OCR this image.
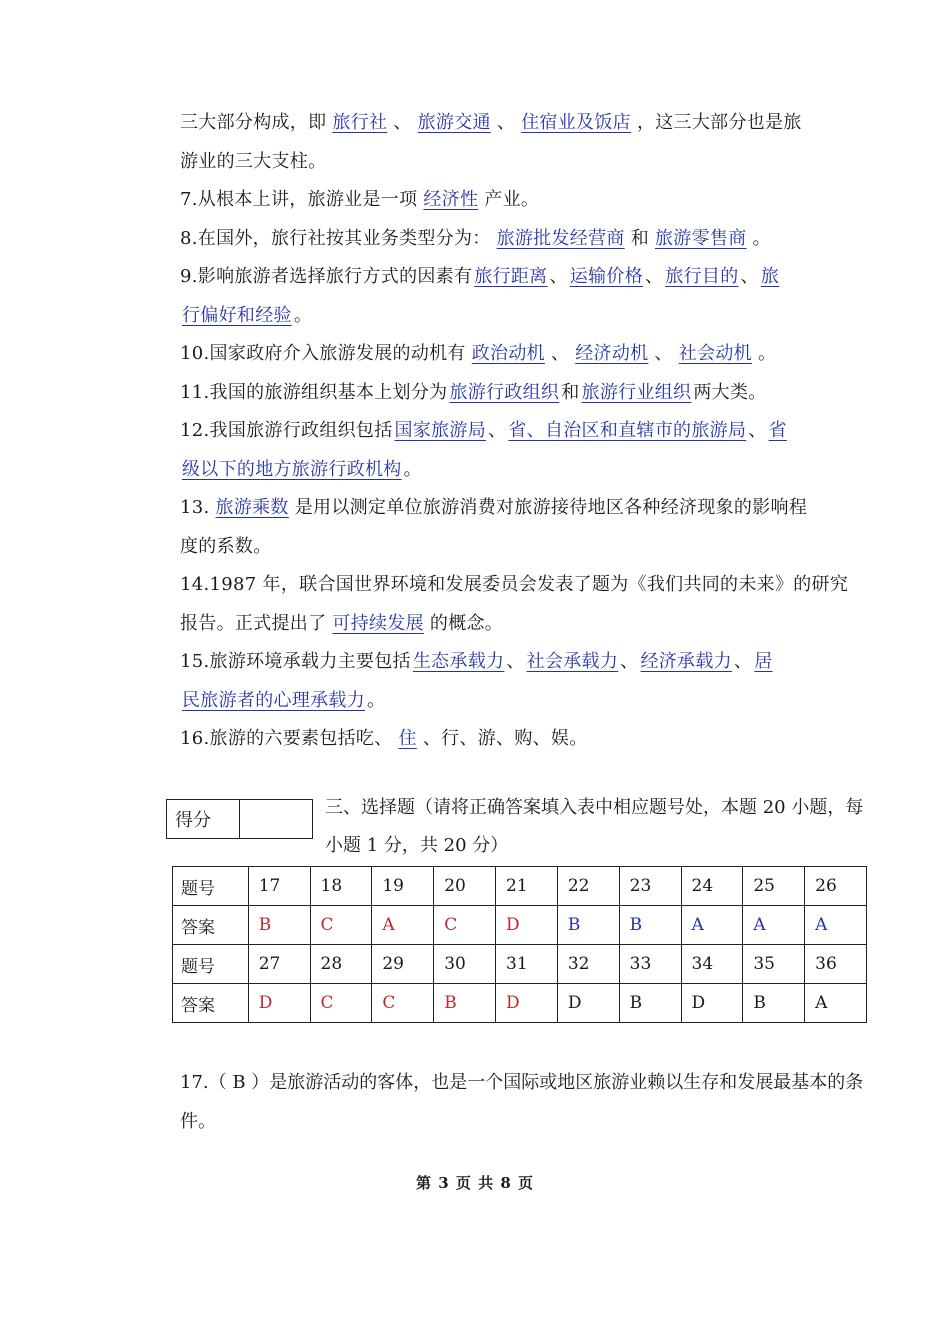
三大部分构成，即 旅行社 、 旅游交通 、 住宿业及饭店 ，这三大部分也是旅
游业的三大支柱。
7.从根本上讲，旅游业是一项 经济性 产业。
8.在国外，旅行社按其业务类型分为： 旅游批发经营商 和 旅游零售商 。
9.影响旅游者选择旅行方式的因素有 旅行距离 、 运输价格 、 旅行目的 、 旅
行偏好和经验 。
10.国家政府介入旅游发展的动机有 政治动机 、 经济动机 、 社会动机 。
11.我国的旅游组织基本上划分为 旅游行政组织 和 旅游行业组织 两大类。
12.我国旅游行政组织包括 国家旅游局 、 省、自治区和直辖市的旅游局 、 省
级以下的地方旅游行政机构 。
13. 旅游乘数 是用以测定单位旅游消费对旅游接待地区各种经济现象的影响程
度的系数。
14.1987 年，联合国世界环境和发展委员会发表了题为《我们共同的未来》的研究
报告。正式提出了 可持续发展 的概念。
15.旅游环境承载力主要包括 生态承载力 、 社会承载力 、 经济承载力 、 居
民旅游者的心理承载力 。
16.旅游的六要素包括吃、 住 、行、游、购、娱。
得分	
三、选择题（请将正确答案填入表中相应题号处，本题 20 小题，每小题 1 分，共 20 分）
题号	17	18	19	20	21	22	23	24	25	26
答案	B	C	A	C	D	B	B	A	A	A
题号	27	28	29	30	31	32	33	34	35	36
答案	D	C	C	B	D	D	B	D	B	A
17.（ B ）是旅游活动的客体，也是一个国际或地区旅游业赖以生存和发展最基本的条件。
第 3 页 共 8 页
